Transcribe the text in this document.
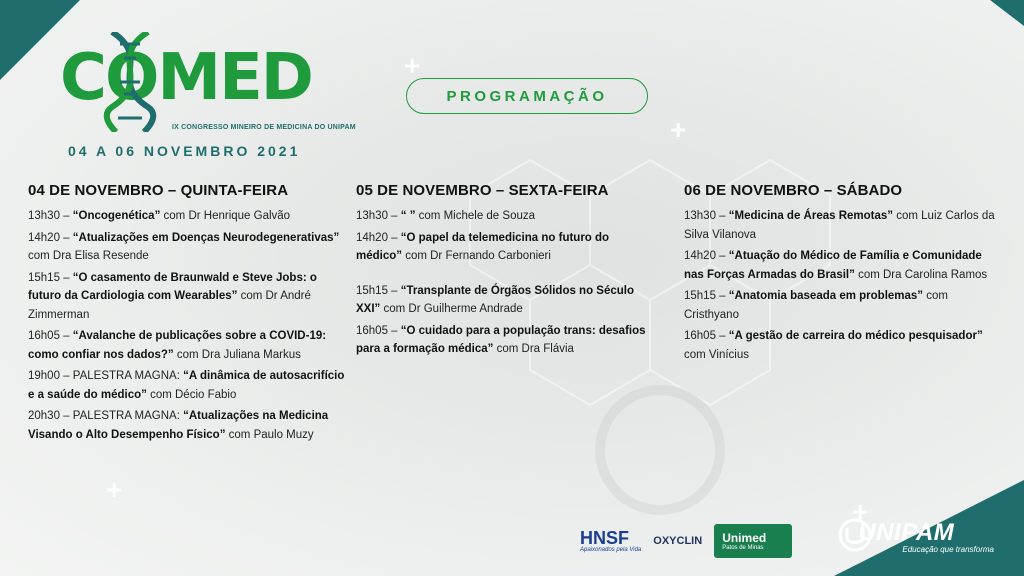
+
+
+
+
COMED
IX CONGRESSO MINEIRO DE MEDICINA DO UNIPAM
04 A 06 NOVEMBRO 2021
PROGRAMAÇÃO
04 DE NOVEMBRO – QUINTA-FEIRA
13h30 – “Oncogenética” com Dr Henrique Galvão
14h20 – “Atualizações em Doenças Neurodegenerativas” com Dra Elisa Resende
15h15 – “O casamento de Braunwald e Steve Jobs: o futuro da Cardiologia com Wearables” com Dr André Zimmerman
16h05 – “Avalanche de publicações sobre a COVID-19: como confiar nos dados?” com Dra Juliana Markus
19h00 – PALESTRA MAGNA: “A dinâmica de autosacrifício e a saúde do médico” com Décio Fabio
20h30 – PALESTRA MAGNA: “Atualizações na Medicina Visando o Alto Desempenho Físico” com Paulo Muzy
05 DE NOVEMBRO – SEXTA-FEIRA
13h30 – “ ” com Michele de Souza
14h20 – “O papel da telemedicina no futuro do médico” com Dr Fernando Carbonieri
15h15 – “Transplante de Órgãos Sólidos no Século XXI” com Dr Guilherme Andrade
16h05 – “O cuidado para a população trans: desafios para a formação médica” com Dra Flávia
06 DE NOVEMBRO – SÁBADO
13h30 – “Medicina de Áreas Remotas” com Luiz Carlos da Silva Vilanova
14h20 – “Atuação do Médico de Família e Comunidade nas Forças Armadas do Brasil” com Dra Carolina Ramos
15h15 – “Anatomia baseada em problemas” com Cristhyano
16h05 – “A gestão de carreira do médico pesquisador” com Vinícius
HNSF
Apaixonados pela Vida
OXYCLIN Unimed
Patos de Minas
UNIPAM
Educação que transforma
